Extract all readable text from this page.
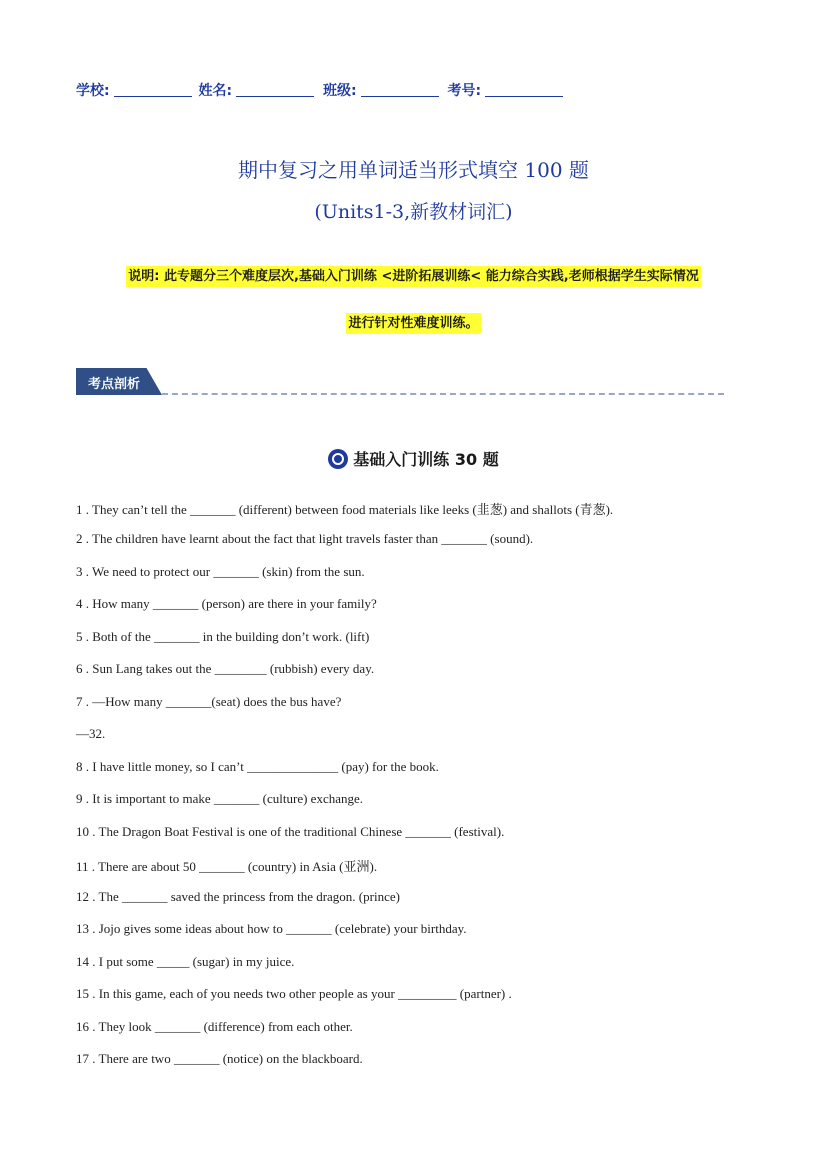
学校:	姓名:	班级:	考号:
期中复习之用单词适当形式填空 100 题
(Units1-3,新教材词汇)
说明: 此专题分三个难度层次,基础入门训练 <进阶拓展训练< 能力综合实践,老师根据学生实际情况
进行针对性难度训练。
考点剖析
基础入门训练 30 题
1 . They can’t tell the _______ (different) between food materials like leeks (韭葱) and shallots (青葱).
2 . The children have learnt about the fact that light travels faster than _______ (sound).
3 . We need to protect our _______ (skin) from the sun.
4 . How many _______ (person) are there in your family?
5 . Both of the _______ in the building don’t work. (lift)
6 . Sun Lang takes out the ________ (rubbish) every day.
7 . —How many _______(seat) does the bus have?
—32.
8 . I have little money, so I can’t ______________ (pay) for the book.
9 . It is important to make _______ (culture) exchange.
10 . The Dragon Boat Festival is one of the traditional Chinese _______ (festival).
11 . There are about 50 _______ (country) in Asia (亚洲).
12 . The _______ saved the princess from the dragon. (prince)
13 . Jojo gives some ideas about how to _______ (celebrate) your birthday.
14 . I put some _____ (sugar) in my juice.
15 . In this game, each of you needs two other people as your _________ (partner) .
16 . They look _______ (difference) from each other.
17 . There are two _______ (notice) on the blackboard.
